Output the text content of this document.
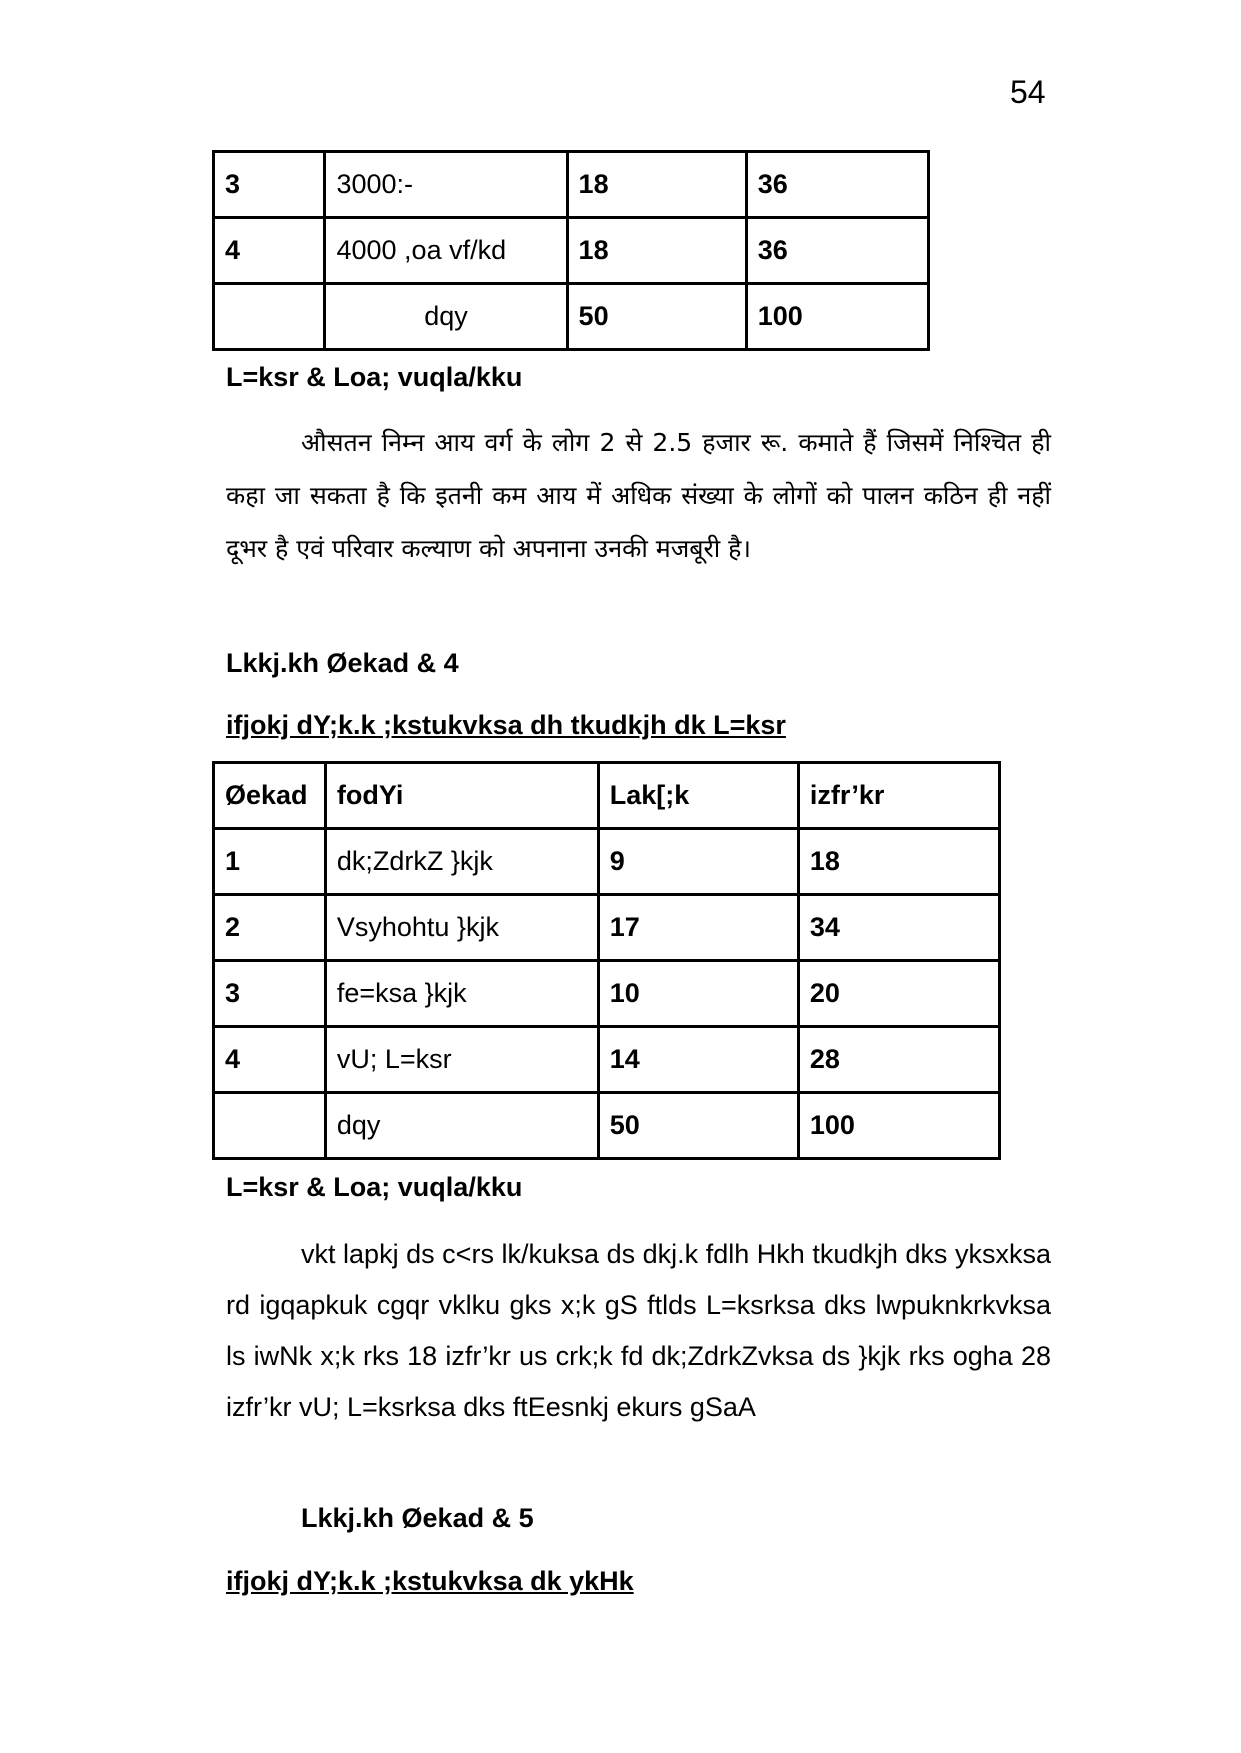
54
3	3000:-	18	36
4	4000 ,oa vf/kd	18	36
	dqy	50	100
L=ksr & Loa; vuqla/kku
औसतन निम्न आय वर्ग के लोग 2 से 2.5 हजार रू. कमाते हैं जिसमें निश्चित ही कहा जा सकता है कि इतनी कम आय में अधिक संख्या के लोगों को पालन कठिन ही नहीं दूभर है एवं परिवार कल्याण को अपनाना उनकी मजबूरी है।
Lkkj.kh Øekad & 4
ifjokj dY;k.k ;kstukvksa dh tkudkjh dk L=ksr
Øekad	fodYi	Lak[;k	izfr’kr
1	dk;ZdrkZ }kjk	9	18
2	Vsyhohtu }kjk	17	34
3	fe=ksa }kjk	10	20
4	vU; L=ksr	14	28
	dqy	50	100
L=ksr & Loa; vuqla/kku
vkt lapkj ds c<rs lk/kuksa ds dkj.k fdlh Hkh tkudkjh dks yksxksa rd igqapkuk cgqr vklku gks x;k gS ftlds L=ksrksa dks lwpuknkrkvksa ls iwNk x;k rks 18 izfr’kr us crk;k fd dk;ZdrkZvksa ds }kjk rks ogha 28 izfr’kr vU; L=ksrksa dks ftEesnkj ekurs gSaA
Lkkj.kh Øekad & 5
ifjokj dY;k.k ;kstukvksa dk ykHk
